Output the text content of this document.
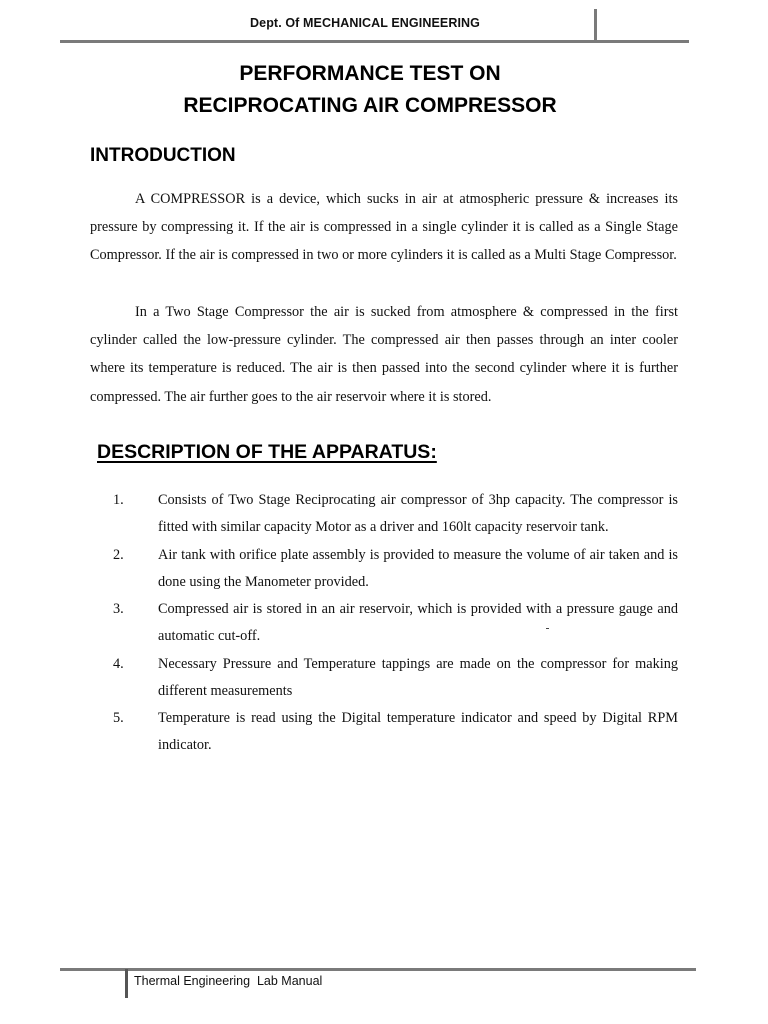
Dept. Of MECHANICAL ENGINEERING
PERFORMANCE TEST ON
RECIPROCATING AIR COMPRESSOR
INTRODUCTION
A COMPRESSOR is a device, which sucks in air at atmospheric pressure & increases its pressure by compressing it. If the air is compressed in a single cylinder it is called as a Single Stage Compressor. If the air is compressed in two or more cylinders it is called as a Multi Stage Compressor.
In a Two Stage Compressor the air is sucked from atmosphere & compressed in the first cylinder called the low-pressure cylinder. The compressed air then passes through an inter cooler where its temperature is reduced. The air is then passed into the second cylinder where it is further compressed. The air further goes to the air reservoir where it is stored.
DESCRIPTION OF THE APPARATUS:
1. Consists of Two Stage Reciprocating air compressor of 3hp capacity. The compressor is fitted with similar capacity Motor as a driver and 160lt capacity reservoir tank.
2. Air tank with orifice plate assembly is provided to measure the volume of air taken and is done using the Manometer provided.
3. Compressed air is stored in an air reservoir, which is provided with a pressure gauge and automatic cut-off.
4. Necessary Pressure and Temperature tappings are made on the compressor for making different measurements
5. Temperature is read using the Digital temperature indicator and speed by Digital RPM indicator.
Thermal Engineering  Lab Manual
